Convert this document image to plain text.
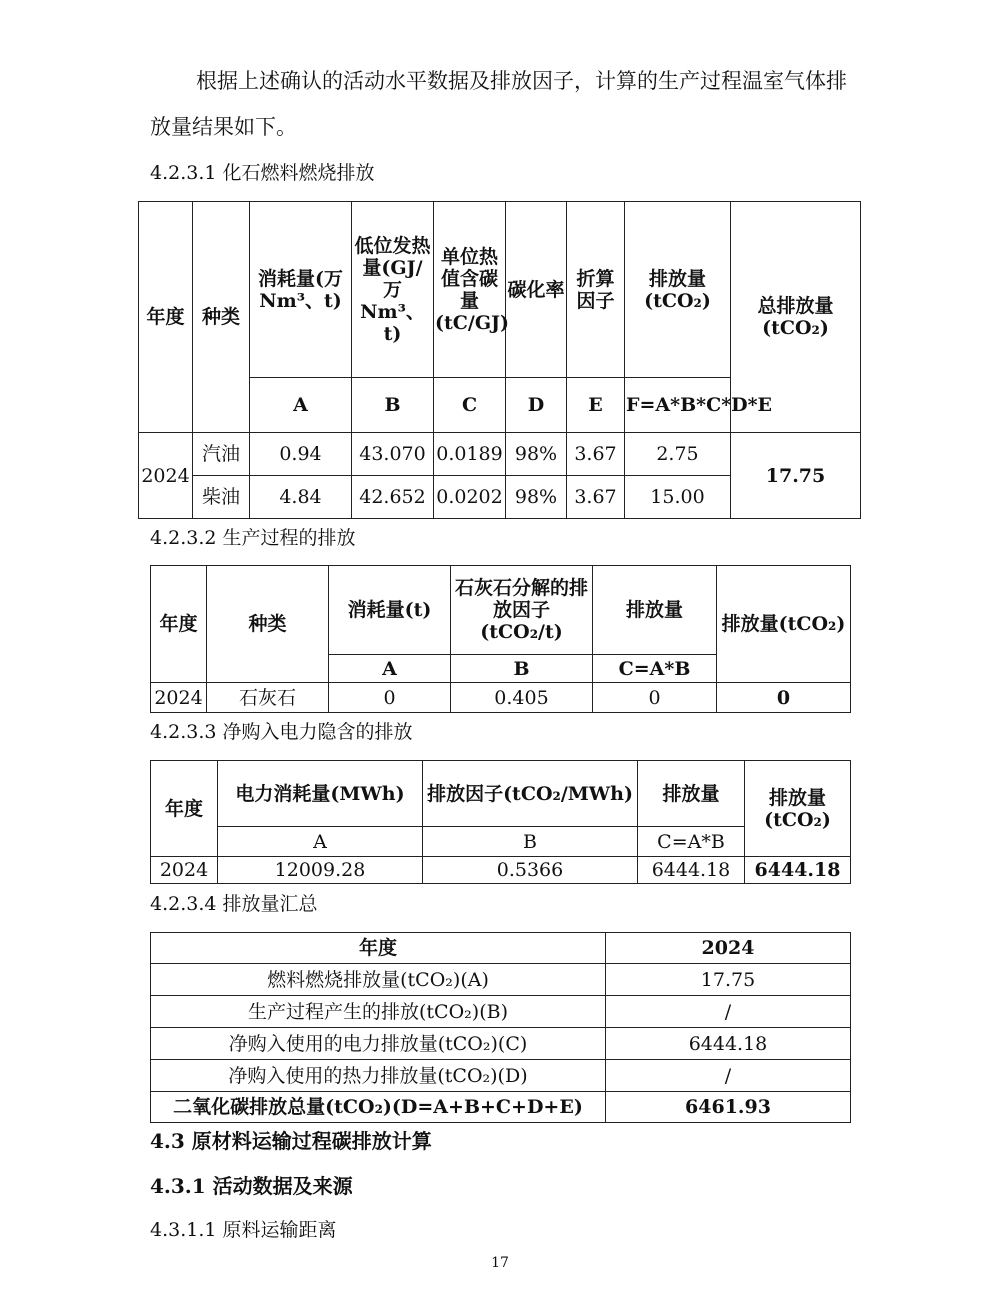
根据上述确认的活动水平数据及排放因子，计算的生产过程温室气体排放量结果如下。
4.2.3.1 化石燃料燃烧排放
年度	种类	消耗量(万Nm³、t)	低位发热量(GJ/万Nm³、t)	单位热值含碳量(tC/GJ)	碳化率	折算因子	排放量(tCO₂)	总排放量(tCO₂)
		A	B	C	D	E	F=A*B*C*D*E	
2024	汽油	0.94	43.070	0.0189	98%	3.67	2.75	17.75
	柴油	4.84	42.652	0.0202	98%	3.67	15.00	
4.2.3.2 生产过程的排放
年度	种类	消耗量(t)	石灰石分解的排放因子(tCO₂/t)	排放量	排放量(tCO₂)
		A	B	C=A*B	
2024	石灰石	0	0.405	0	0
4.2.3.3 净购入电力隐含的排放
年度	电力消耗量(MWh)	排放因子(tCO₂/MWh)	排放量	排放量(tCO₂)
	A	B	C=A*B	
2024	12009.28	0.5366	6444.18	6444.18
4.2.3.4 排放量汇总
年度	2024
燃料燃烧排放量(tCO₂)(A)	17.75
生产过程产生的排放(tCO₂)(B)	/
净购入使用的电力排放量(tCO₂)(C)	6444.18
净购入使用的热力排放量(tCO₂)(D)	/
二氧化碳排放总量(tCO₂)(D=A+B+C+D+E)	6461.93
4.3 原材料运输过程碳排放计算
4.3.1 活动数据及来源
4.3.1.1 原料运输距离
17
